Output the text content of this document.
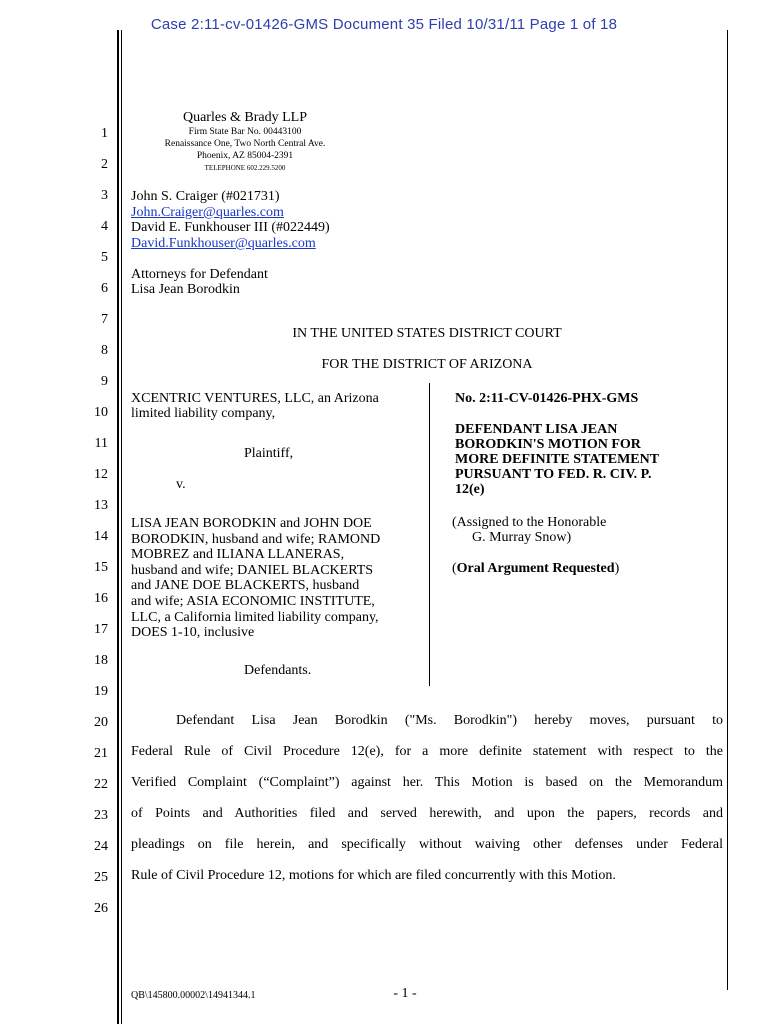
Case 2:11-cv-01426-GMS Document 35 Filed 10/31/11 Page 1 of 18
1
2
3
4
5
6
7
8
9
10
11
12
13
14
15
16
17
18
19
20
21
22
23
24
25
26
Quarles & Brady LLP
Firm State Bar No. 00443100
Renaissance One, Two North Central Ave.
Phoenix, AZ 85004-2391
TELEPHONE 602.229.5200
John S. Craiger (#021731)
John.Craiger@quarles.com
David E. Funkhouser III (#022449)
David.Funkhouser@quarles.com
Attorneys for Defendant
Lisa Jean Borodkin
IN THE UNITED STATES DISTRICT COURT
FOR THE DISTRICT OF ARIZONA
XCENTRIC VENTURES, LLC, an Arizona
limited liability company,
Plaintiff,
v.
LISA JEAN BORODKIN and JOHN DOE
BORODKIN, husband and wife; RAMOND
MOBREZ and ILIANA LLANERAS,
husband and wife; DANIEL BLACKERTS
and JANE DOE BLACKERTS, husband
and wife; ASIA ECONOMIC INSTITUTE,
LLC, a California limited liability company,
DOES 1-10, inclusive
Defendants.
No. 2:11-CV-01426-PHX-GMS
DEFENDANT LISA JEAN
BORODKIN'S MOTION FOR
MORE DEFINITE STATEMENT
PURSUANT TO FED. R. CIV. P.
12(e)
(Assigned to the Honorable
G. Murray Snow)
(Oral Argument Requested)
Defendant Lisa Jean Borodkin ("Ms. Borodkin") hereby moves, pursuant to
Federal Rule of Civil Procedure 12(e), for a more definite statement with respect to the
Verified Complaint (“Complaint”) against her. This Motion is based on the Memorandum
of Points and Authorities filed and served herewith, and upon the papers, records and
pleadings on file herein, and specifically without waiving other defenses under Federal
Rule of Civil Procedure 12, motions for which are filed concurrently with this Motion.
QB\145800.00002\14941344.1	- 1 -
